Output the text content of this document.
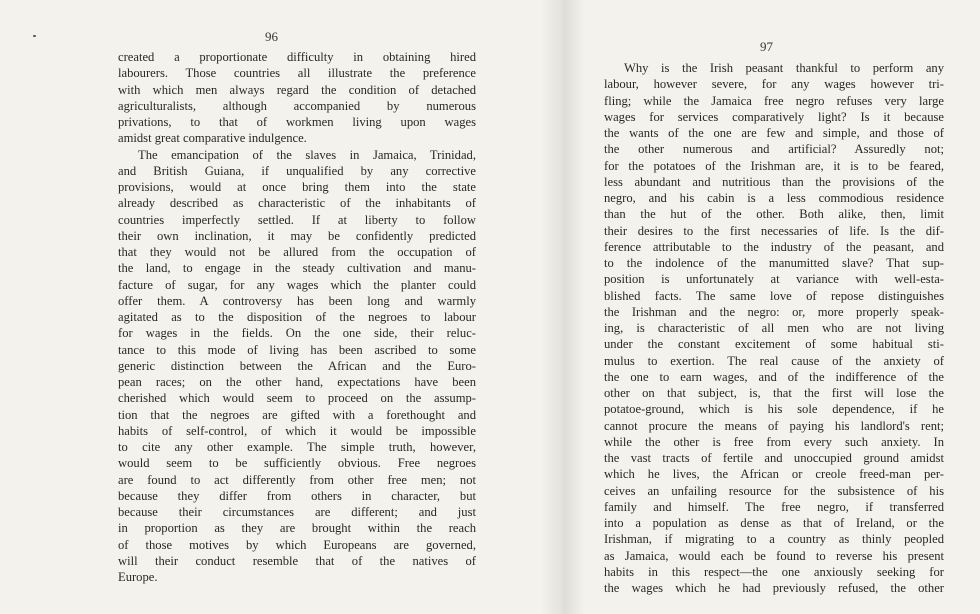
96
created a proportionate difficulty in obtaining hired
labourers. Those countries all illustrate the preference
with which men always regard the condition of detached
agriculturalists, although accompanied by numerous
privations, to that of workmen living upon wages
amidst great comparative indulgence.
The emancipation of the slaves in Jamaica, Trinidad,
and British Guiana, if unqualified by any corrective
provisions, would at once bring them into the state
already described as characteristic of the inhabitants of
countries imperfectly settled. If at liberty to follow
their own inclination, it may be confidently predicted
that they would not be allured from the occupation of
the land, to engage in the steady cultivation and manu-
facture of sugar, for any wages which the planter could
offer them. A controversy has been long and warmly
agitated as to the disposition of the negroes to labour
for wages in the fields. On the one side, their reluc-
tance to this mode of living has been ascribed to some
generic distinction between the African and the Euro-
pean races; on the other hand, expectations have been
cherished which would seem to proceed on the assump-
tion that the negroes are gifted with a forethought and
habits of self-control, of which it would be impossible
to cite any other example. The simple truth, however,
would seem to be sufficiently obvious. Free negroes
are found to act differently from other free men; not
because they differ from others in character, but
because their circumstances are different; and just
in proportion as they are brought within the reach
of those motives by which Europeans are governed,
will their conduct resemble that of the natives of
Europe.
97
Why is the Irish peasant thankful to perform any
labour, however severe, for any wages however tri-
fling; while the Jamaica free negro refuses very large
wages for services comparatively light? Is it because
the wants of the one are few and simple, and those of
the other numerous and artificial? Assuredly not;
for the potatoes of the Irishman are, it is to be feared,
less abundant and nutritious than the provisions of the
negro, and his cabin is a less commodious residence
than the hut of the other. Both alike, then, limit
their desires to the first necessaries of life. Is the dif-
ference attributable to the industry of the peasant, and
to the indolence of the manumitted slave? That sup-
position is unfortunately at variance with well-esta-
blished facts. The same love of repose distinguishes
the Irishman and the negro: or, more properly speak-
ing, is characteristic of all men who are not living
under the constant excitement of some habitual sti-
mulus to exertion. The real cause of the anxiety of
the one to earn wages, and of the indifference of the
other on that subject, is, that the first will lose the
potatoe-ground, which is his sole dependence, if he
cannot procure the means of paying his landlord's rent;
while the other is free from every such anxiety. In
the vast tracts of fertile and unoccupied ground amidst
which he lives, the African or creole freed-man per-
ceives an unfailing resource for the subsistence of his
family and himself. The free negro, if transferred
into a population as dense as that of Ireland, or the
Irishman, if migrating to a country as thinly peopled
as Jamaica, would each be found to reverse his present
habits in this respect—the one anxiously seeking for
the wages which he had previously refused, the other
